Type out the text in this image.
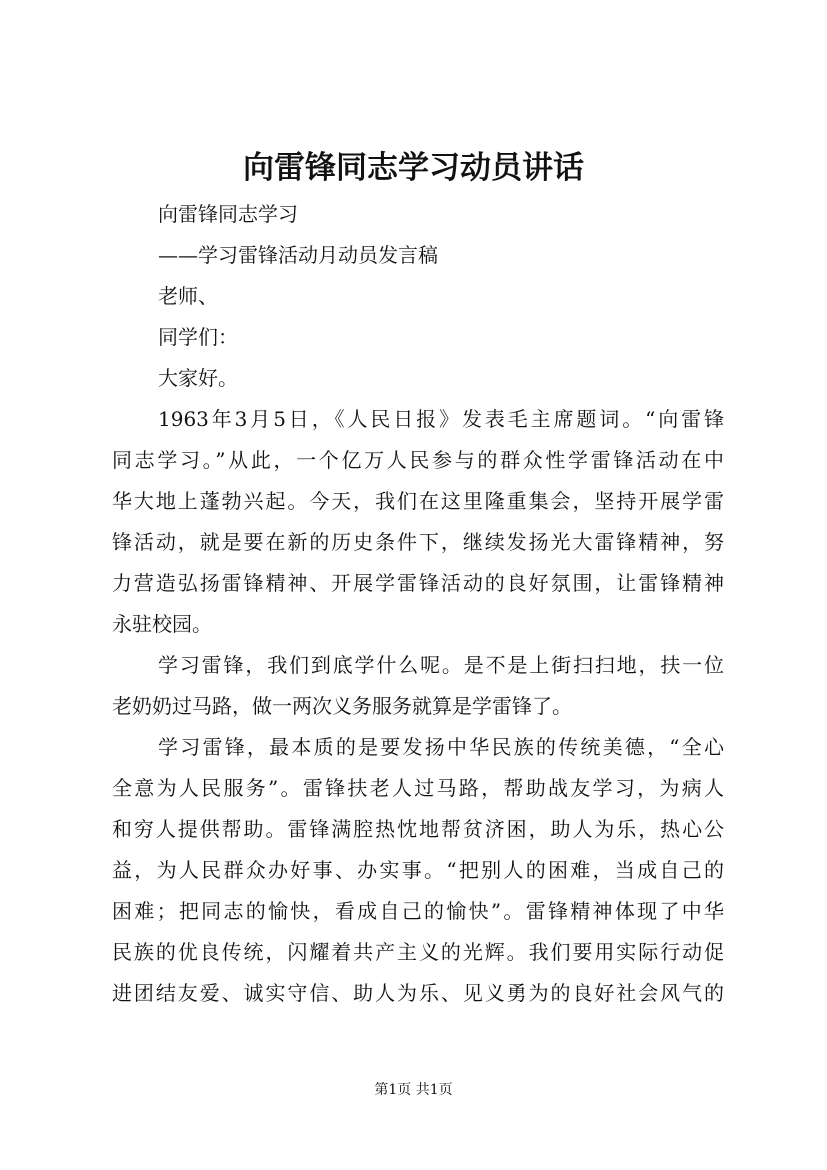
向雷锋同志学习动员讲话
向雷锋同志学习
——学习雷锋活动月动员发言稿
老师、
同学们：
大家好。
1963年3月5日，《人民日报》发表毛主席题词。“向雷锋
同志学习。”从此，一个亿万人民参与的群众性学雷锋活动在中
华大地上蓬勃兴起。今天，我们在这里隆重集会，坚持开展学雷
锋活动，就是要在新的历史条件下，继续发扬光大雷锋精神，努
力营造弘扬雷锋精神、开展学雷锋活动的良好氛围，让雷锋精神
永驻校园。
学习雷锋，我们到底学什么呢。是不是上街扫扫地，扶一位
老奶奶过马路，做一两次义务服务就算是学雷锋了。
学习雷锋，最本质的是要发扬中华民族的传统美德，“全心
全意为人民服务”。雷锋扶老人过马路，帮助战友学习，为病人
和穷人提供帮助。雷锋满腔热忱地帮贫济困，助人为乐，热心公
益，为人民群众办好事、办实事。“把别人的困难，当成自己的
困难；把同志的愉快，看成自己的愉快”。雷锋精神体现了中华
民族的优良传统，闪耀着共产主义的光辉。我们要用实际行动促
进团结友爱、诚实守信、助人为乐、见义勇为的良好社会风气的
第1页 共1页
